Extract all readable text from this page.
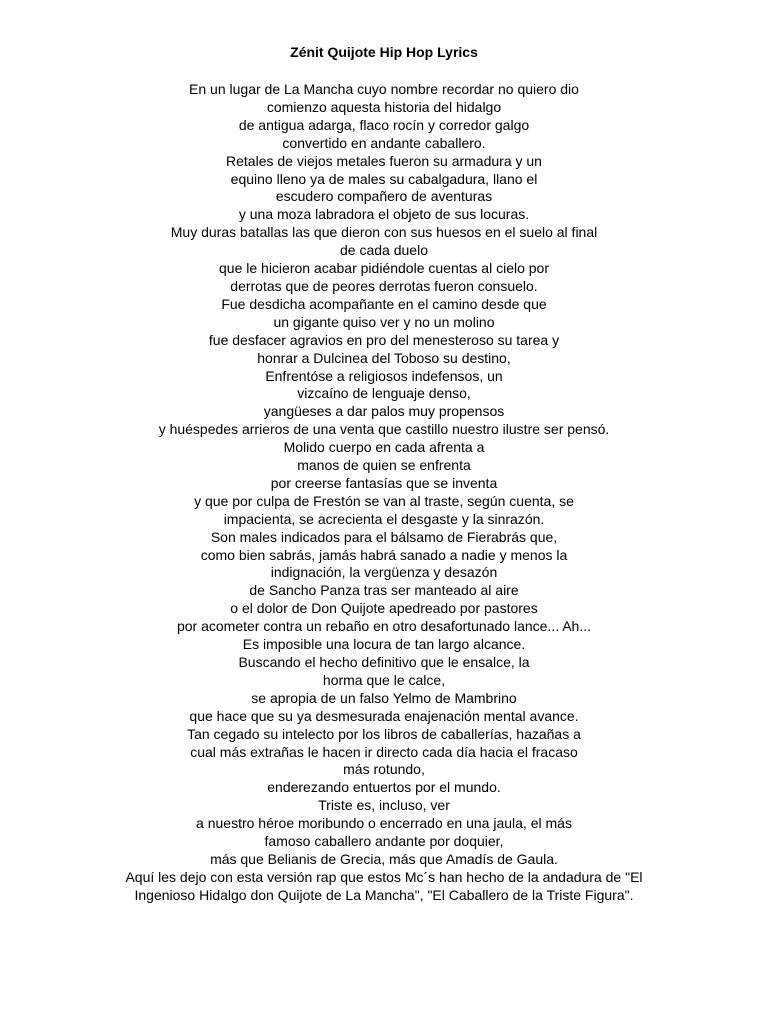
Zénit Quijote Hip Hop Lyrics
En un lugar de La Mancha cuyo nombre recordar no quiero dio
comienzo aquesta historia del hidalgo
de antigua adarga, flaco rocín y corredor galgo
convertido en andante caballero.
Retales de viejos metales fueron su armadura y un
equino lleno ya de males su cabalgadura, llano el
escudero compañero de aventuras
y una moza labradora el objeto de sus locuras.
Muy duras batallas las que dieron con sus huesos en el suelo al final
de cada duelo
que le hicieron acabar pidiéndole cuentas al cielo por
derrotas que de peores derrotas fueron consuelo.
Fue desdicha acompañante en el camino desde que
un gigante quiso ver y no un molino
fue desfacer agravios en pro del menesteroso su tarea y
honrar a Dulcinea del Toboso su destino,
Enfrentóse a religiosos indefensos, un
vizcaíno de lenguaje denso,
yangüeses a dar palos muy propensos
y huéspedes arrieros de una venta que castillo nuestro ilustre ser pensó.
Molido cuerpo en cada afrenta a
manos de quien se enfrenta
por creerse fantasías que se inventa
y que por culpa de Frestón se van al traste, según cuenta, se
impacienta, se acrecienta el desgaste y la sinrazón.
Son males indicados para el bálsamo de Fierabrás que,
como bien sabrás, jamás habrá sanado a nadie y menos la
indignación, la vergüenza y desazón
de Sancho Panza tras ser manteado al aire
o el dolor de Don Quijote apedreado por pastores
por acometer contra un rebaño en otro desafortunado lance... Ah...
Es imposible una locura de tan largo alcance.
Buscando el hecho definitivo que le ensalce, la
horma que le calce,
se apropia de un falso Yelmo de Mambrino
que hace que su ya desmesurada enajenación mental avance.
Tan cegado su intelecto por los libros de caballerías, hazañas a
cual más extrañas le hacen ir directo cada día hacia el fracaso
más rotundo,
enderezando entuertos por el mundo.
Triste es, incluso, ver
a nuestro héroe moribundo o encerrado en una jaula, el más
famoso caballero andante por doquier,
más que Belianis de Grecia, más que Amadís de Gaula.
Aquí les dejo con esta versión rap que estos Mc´s han hecho de la andadura de "El
Ingenioso Hidalgo don Quijote de La Mancha", "El Caballero de la Triste Figura".
